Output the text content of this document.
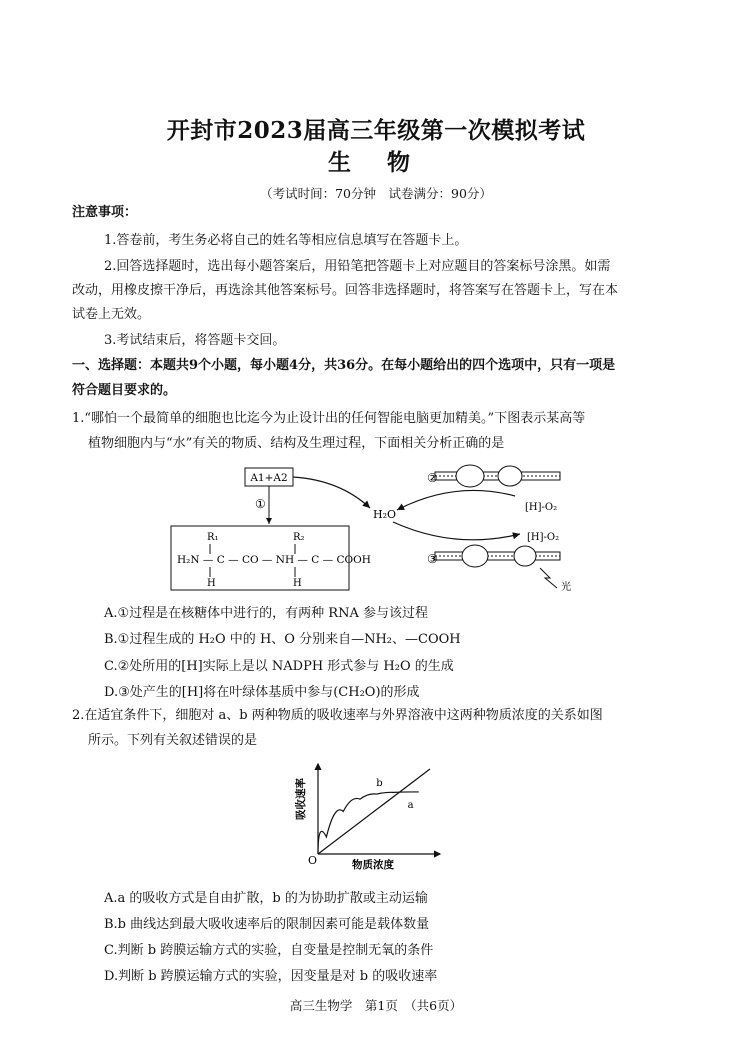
开封市2023届高三年级第一次模拟考试
生 物
（考试时间：70分钟　试卷满分：90分）
注意事项：
1.答卷前，考生务必将自己的姓名等相应信息填写在答题卡上。
2.回答选择题时，选出每小题答案后，用铅笔把答题卡上对应题目的答案标号涂黑。如需
改动，用橡皮擦干净后，再选涂其他答案标号。回答非选择题时，将答案写在答题卡上，写在本
试卷上无效。
3.考试结束后，将答题卡交回。
一、选择题：本题共9个小题，每小题4分，共36分。在每小题给出的四个选项中，只有一项是
符合题目要求的。
1.“哪怕一个最简单的细胞也比迄今为止设计出的任何智能电脑更加精美。”下图表示某高等
植物细胞内与“水”有关的物质、结构及生理过程，下面相关分析正确的是
A1+A2
①
R₁	R₂
H₂N — C — CO — NH — C — COOH
H	H
H₂O
②
[H]-O₂
[H]-O₂
③
光
A.①过程是在核糖体中进行的，有两种 RNA 参与该过程
B.①过程生成的 H₂O 中的 H、O 分别来自—NH₂、—COOH
C.②处所用的[H]实际上是以 NADPH 形式参与 H₂O 的生成
D.③处产生的[H]将在叶绿体基质中参与(CH₂O)的形成
2.在适宜条件下，细胞对 a、b 两种物质的吸收速率与外界溶液中这两种物质浓度的关系如图
所示。下列有关叙述错误的是
O	物质浓度
吸收速率	a
b
A.a 的吸收方式是自由扩散，b 的为协助扩散或主动运输
B.b 曲线达到最大吸收速率后的限制因素可能是载体数量
C.判断 b 跨膜运输方式的实验，自变量是控制无氧的条件
D.判断 b 跨膜运输方式的实验，因变量是对 b 的吸收速率
高三生物学　第1页　（共6页）
